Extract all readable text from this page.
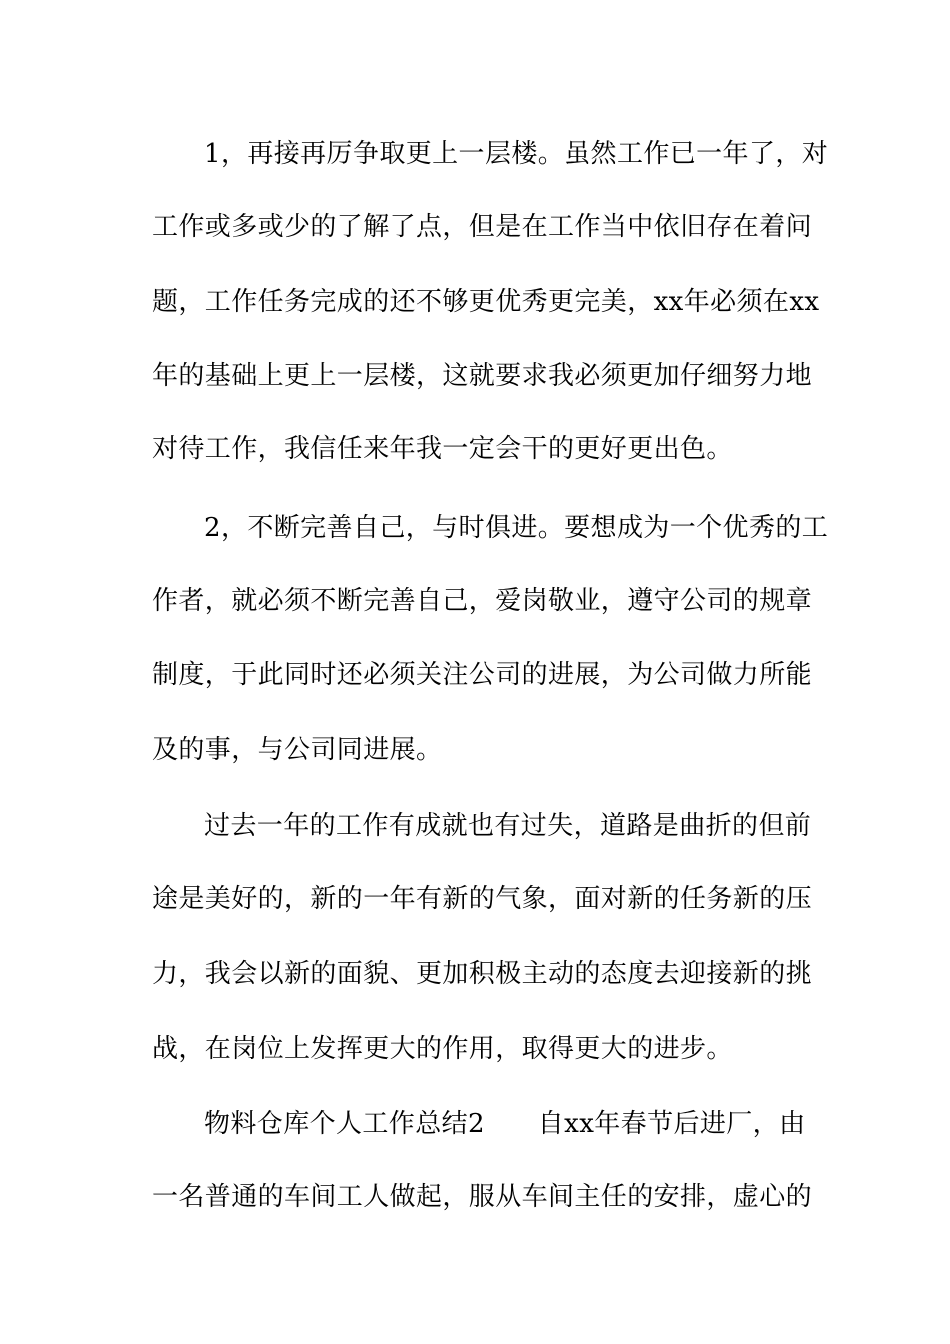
1，再接再厉争取更上一层楼。虽然工作已一年了，对
工作或多或少的了解了点，但是在工作当中依旧存在着问
题，工作任务完成的还不够更优秀更完美，xx年必须在xx
年的基础上更上一层楼，这就要求我必须更加仔细努力地
对待工作，我信任来年我一定会干的更好更出色。
2，不断完善自己，与时俱进。要想成为一个优秀的工
作者，就必须不断完善自己，爱岗敬业，遵守公司的规章
制度，于此同时还必须关注公司的进展，为公司做力所能
及的事，与公司同进展。
过去一年的工作有成就也有过失，道路是曲折的但前
途是美好的，新的一年有新的气象，面对新的任务新的压
力，我会以新的面貌、更加积极主动的态度去迎接新的挑
战，在岗位上发挥更大的作用，取得更大的进步。
物料仓库个人工作总结2　　自xx年春节后进厂，由
一名普通的车间工人做起，服从车间主任的安排，虚心的
